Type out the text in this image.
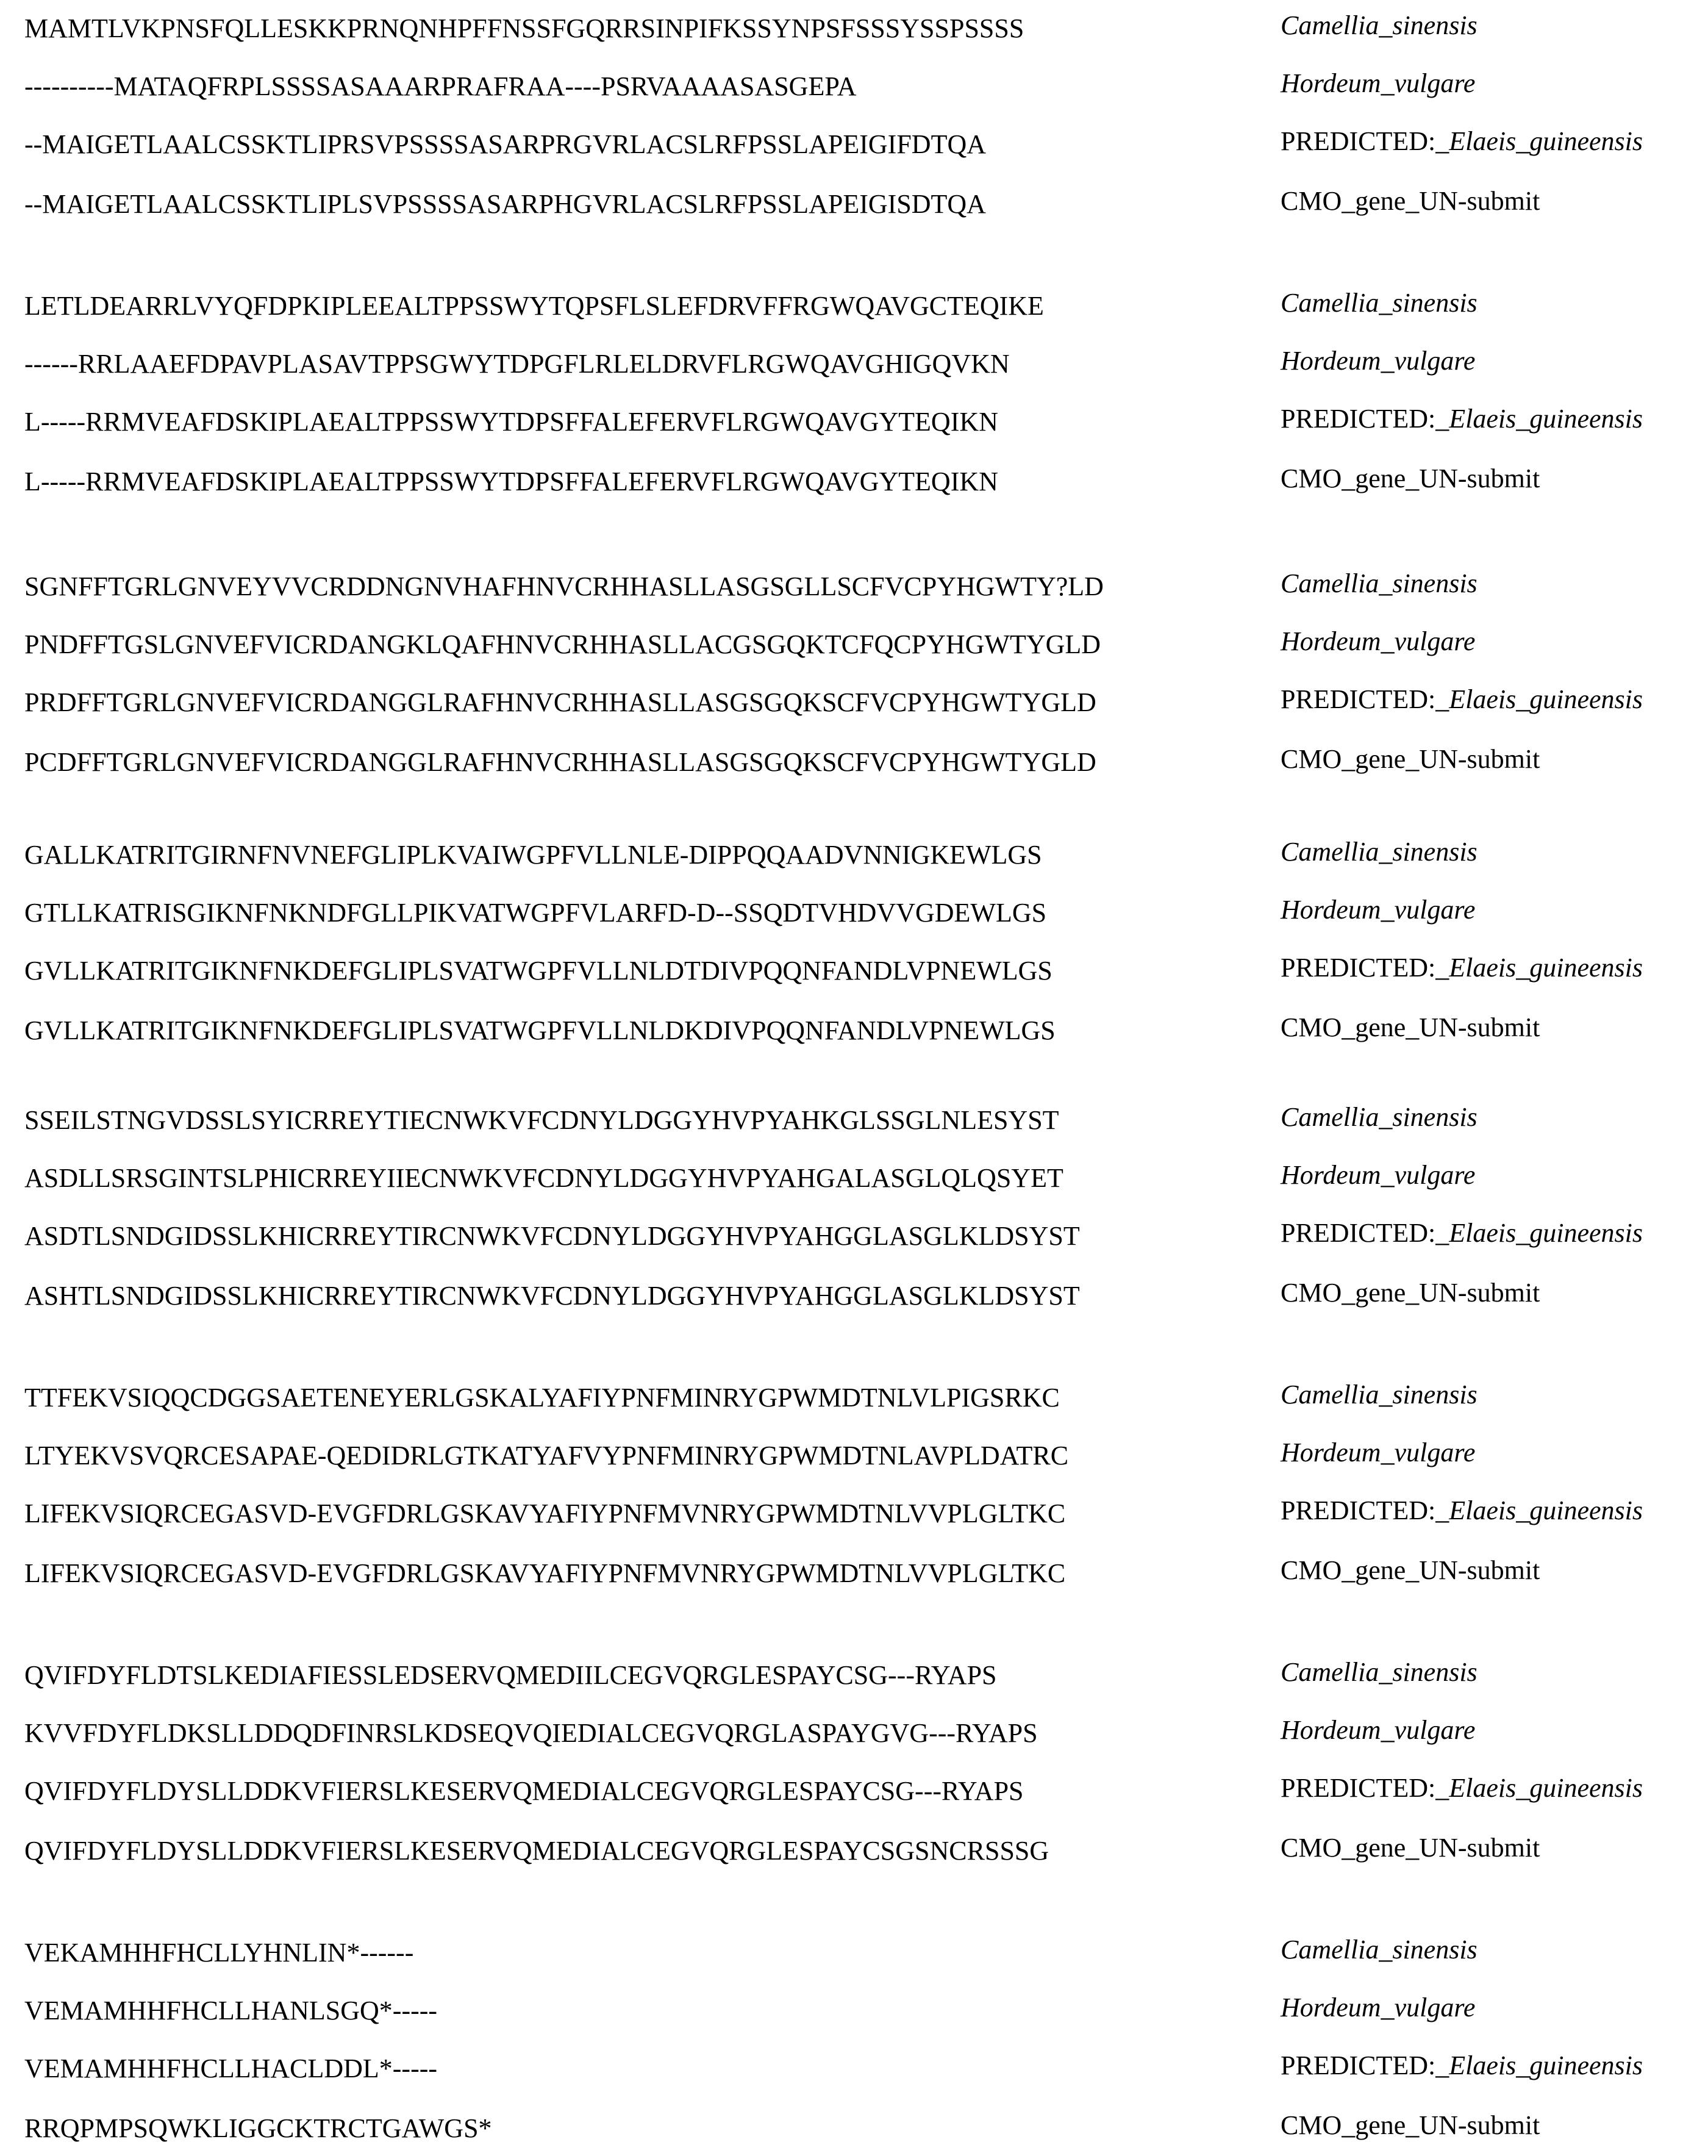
MAMTLVKPNSFQLLESKKPRNQNHPFFNSSFGQRRSINPIFKSSYNPSFSSSYSSPSSSS	Camellia_sinensis
----------MATAQFRPLSSSSASAAARPRAFRAA----PSRVAAAASASGEPA	Hordeum_vulgare
--MAIGETLAALCSSKTLIPRSVPSSSSASARPRGVRLACSLRFPSSLAPEIGIFDTQA	PREDICTED:_Elaeis_guineensis
--MAIGETLAALCSSKTLIPLSVPSSSSASARPHGVRLACSLRFPSSLAPEIGISDTQA	CMO_gene_UN-submit
LETLDEARRLVYQFDPKIPLEEALTPPSSWYTQPSFLSLEFDRVFFRGWQAVGCTEQIKE	Camellia_sinensis
------RRLAAEFDPAVPLASAVTPPSGWYTDPGFLRLELDRVFLRGWQAVGHIGQVKN	Hordeum_vulgare
L-----RRMVEAFDSKIPLAEALTPPSSWYTDPSFFALEFERVFLRGWQAVGYTEQIKN	PREDICTED:_Elaeis_guineensis
L-----RRMVEAFDSKIPLAEALTPPSSWYTDPSFFALEFERVFLRGWQAVGYTEQIKN	CMO_gene_UN-submit
SGNFFTGRLGNVEYVVCRDDNGNVHAFHNVCRHHASLLASGSGLLSCFVCPYHGWTY?LD	Camellia_sinensis
PNDFFTGSLGNVEFVICRDANGKLQAFHNVCRHHASLLACGSGQKTCFQCPYHGWTYGLD	Hordeum_vulgare
PRDFFTGRLGNVEFVICRDANGGLRAFHNVCRHHASLLASGSGQKSCFVCPYHGWTYGLD	PREDICTED:_Elaeis_guineensis
PCDFFTGRLGNVEFVICRDANGGLRAFHNVCRHHASLLASGSGQKSCFVCPYHGWTYGLD	CMO_gene_UN-submit
GALLKATRITGIRNFNVNEFGLIPLKVAIWGPFVLLNLE-DIPPQQAADVNNIGKEWLGS	Camellia_sinensis
GTLLKATRISGIKNFNKNDFGLLPIKVATWGPFVLARFD-D--SSQDTVHDVVGDEWLGS	Hordeum_vulgare
GVLLKATRITGIKNFNKDEFGLIPLSVATWGPFVLLNLDTDIVPQQNFANDLVPNEWLGS	PREDICTED:_Elaeis_guineensis
GVLLKATRITGIKNFNKDEFGLIPLSVATWGPFVLLNLDKDIVPQQNFANDLVPNEWLGS	CMO_gene_UN-submit
SSEILSTNGVDSSLSYICRREYTIECNWKVFCDNYLDGGYHVPYAHKGLSSGLNLESYST	Camellia_sinensis
ASDLLSRSGINTSLPHICRREYIIECNWKVFCDNYLDGGYHVPYAHGALASGLQLQSYET	Hordeum_vulgare
ASDTLSNDGIDSSLKHICRREYTIRCNWKVFCDNYLDGGYHVPYAHGGLASGLKLDSYST	PREDICTED:_Elaeis_guineensis
ASHTLSNDGIDSSLKHICRREYTIRCNWKVFCDNYLDGGYHVPYAHGGLASGLKLDSYST	CMO_gene_UN-submit
TTFEKVSIQQCDGGSAETENEYERLGSKALYAFIYPNFMINRYGPWMDTNLVLPIGSRKC	Camellia_sinensis
LTYEKVSVQRCESAPAE-QEDIDRLGTKATYAFVYPNFMINRYGPWMDTNLAVPLDATRC	Hordeum_vulgare
LIFEKVSIQRCEGASVD-EVGFDRLGSKAVYAFIYPNFMVNRYGPWMDTNLVVPLGLTKC	PREDICTED:_Elaeis_guineensis
LIFEKVSIQRCEGASVD-EVGFDRLGSKAVYAFIYPNFMVNRYGPWMDTNLVVPLGLTKC	CMO_gene_UN-submit
QVIFDYFLDTSLKEDIAFIESSLEDSERVQMEDIILCEGVQRGLESPAYCSG---RYAPS	Camellia_sinensis
KVVFDYFLDKSLLDDQDFINRSLKDSEQVQIEDIALCEGVQRGLASPAYGVG---RYAPS	Hordeum_vulgare
QVIFDYFLDYSLLDDKVFIERSLKESERVQMEDIALCEGVQRGLESPAYCSG---RYAPS	PREDICTED:_Elaeis_guineensis
QVIFDYFLDYSLLDDKVFIERSLKESERVQMEDIALCEGVQRGLESPAYCSGSNCRSSSG	CMO_gene_UN-submit
VEKAMHHFHCLLYHNLIN*------	Camellia_sinensis
VEMAMHHFHCLLHANLSGQ*-----	Hordeum_vulgare
VEMAMHHFHCLLHACLDDL*-----	PREDICTED:_Elaeis_guineensis
RRQPMPSQWKLIGGCKTRCTGAWGS*	CMO_gene_UN-submit
